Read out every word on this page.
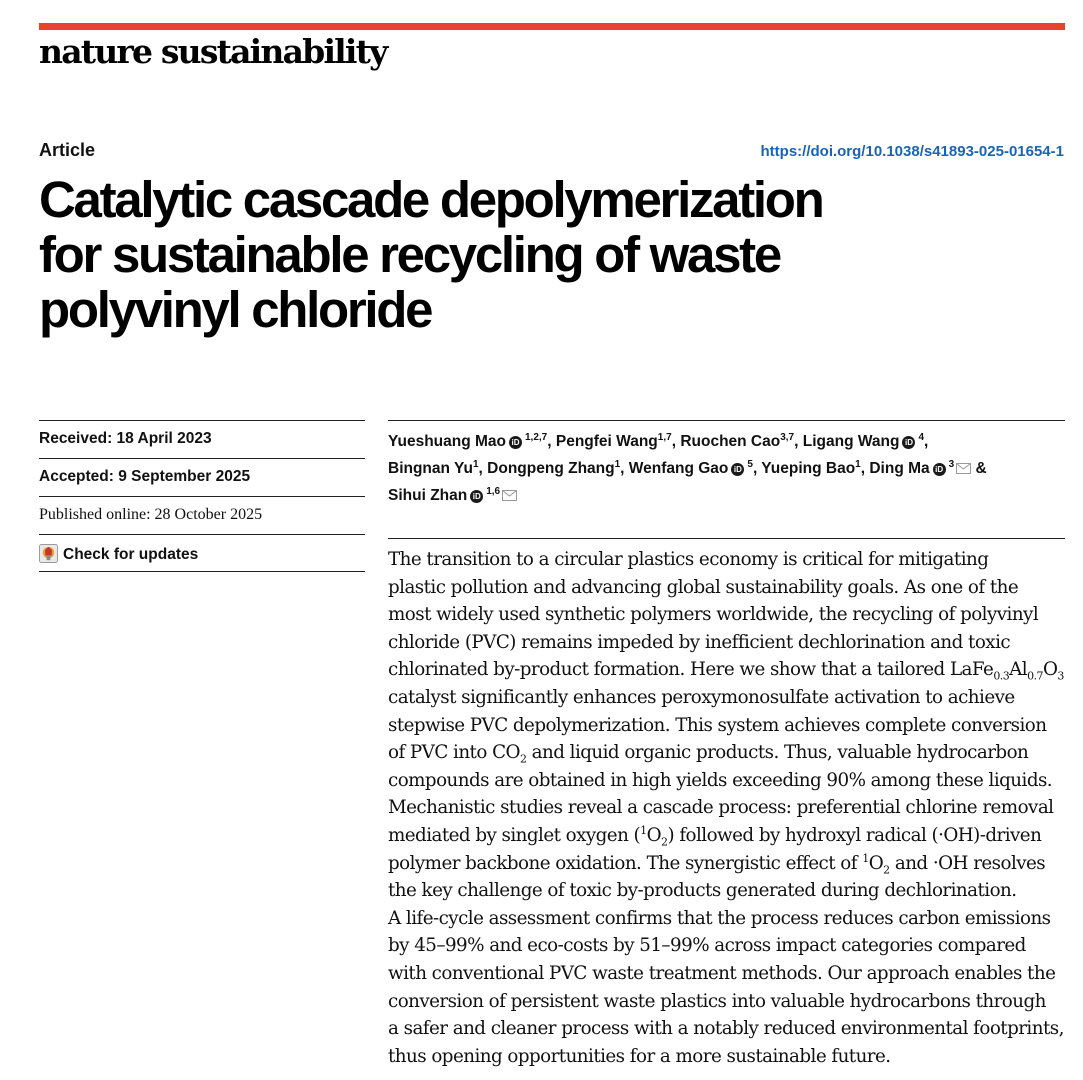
nature sustainability
Article	https://doi.org/10.1038/s41893-025-01654-1
Catalytic cascade depolymerization
for sustainable recycling of waste
polyvinyl chloride
Received: 18 April 2023
Accepted: 9 September 2025
Published online: 28 October 2025
Check for updates
Yueshuang Mao iD $^{1,2,7}$, Pengfei Wang$^{1,7}$, Ruochen Cao$^{3,7}$, Ligang Wang iD $^4$,
Bingnan Yu$^1$, Dongpeng Zhang$^1$, Wenfang Gao iD $^5$, Yueping Bao$^1$, Ding Ma iD $^3$ &
Sihui Zhan iD $^{1,6}$

The transition to a circular plastics economy is critical for mitigating
plastic pollution and advancing global sustainability goals. As one of the
most widely used synthetic polymers worldwide, the recycling of polyvinyl
chloride (PVC) remains impeded by inefficient dechlorination and toxic
chlorinated by-product formation. Here we show that a tailored $LaFe_{0.3}Al_{0.7}O_3$
catalyst significantly enhances peroxymonosulfate activation to achieve
stepwise PVC depolymerization. This system achieves complete conversion
of PVC into $CO_2$ and liquid organic products. Thus, valuable hydrocarbon
compounds are obtained in high yields exceeding 90% among these liquids.
Mechanistic studies reveal a cascade process: preferential chlorine removal
mediated by singlet oxygen $(^1O_2)$ followed by hydroxyl radical (·OH)-driven
polymer backbone oxidation. The synergistic effect of $^1O_2$ and ·OH resolves
the key challenge of toxic by-products generated during dechlorination.
A life-cycle assessment confirms that the process reduces carbon emissions
by 45–99% and eco-costs by 51–99% across impact categories compared
with conventional PVC waste treatment methods. Our approach enables the
conversion of persistent waste plastics into valuable hydrocarbons through
a safer and cleaner process with a notably reduced environmental footprints,
thus opening opportunities for a more sustainable future.
